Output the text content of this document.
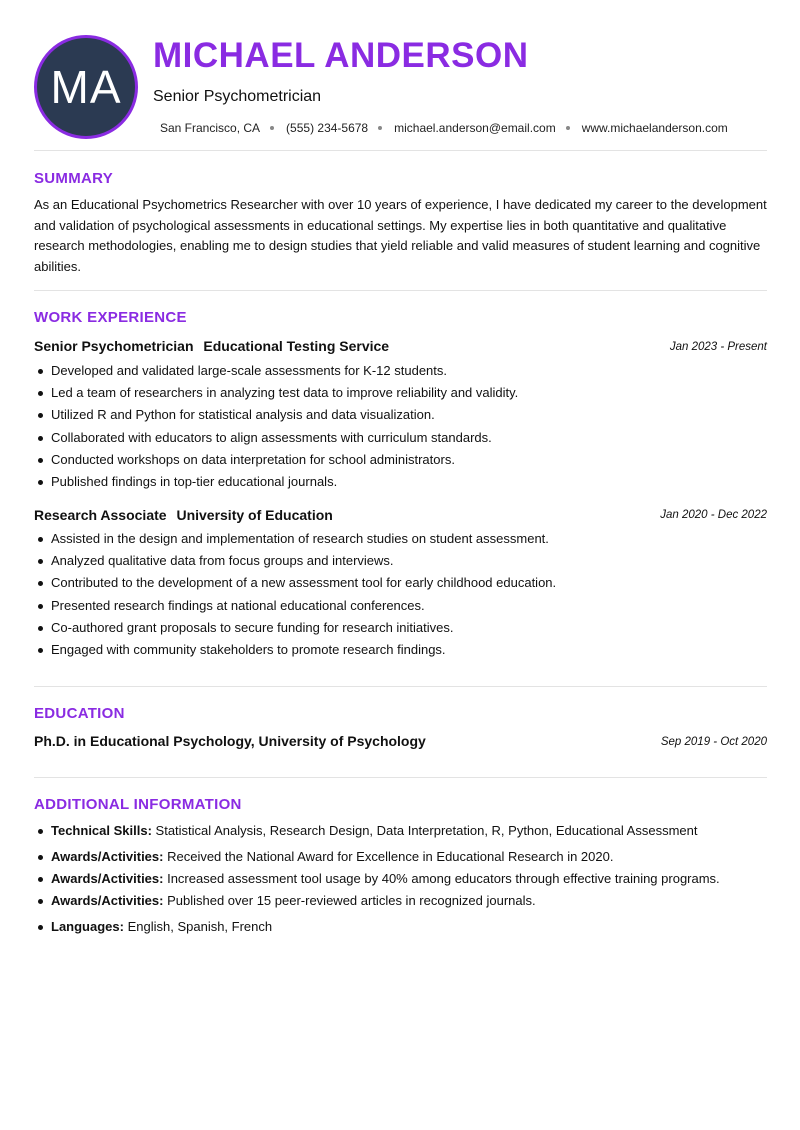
MA
MICHAEL ANDERSON
Senior Psychometrician
San Francisco, CA (555) 234-5678 michael.anderson@email.com www.michaelanderson.com
SUMMARY

As an Educational Psychometrics Researcher with over 10 years of experience, I have dedicated my career to the development and validation of psychological assessments in educational settings. My expertise lies in both quantitative and qualitative research methodologies, enabling me to design studies that yield reliable and valid measures of student learning and cognitive abilities.

WORK EXPERIENCE
Senior Psychometrician Educational Testing Service	Jan 2023 - Present
Developed and validated large-scale assessments for K-12 students.
Led a team of researchers in analyzing test data to improve reliability and validity.
Utilized R and Python for statistical analysis and data visualization.
Collaborated with educators to align assessments with curriculum standards.
Conducted workshops on data interpretation for school administrators.
Published findings in top-tier educational journals.
Research Associate University of Education	Jan 2020 - Dec 2022
Assisted in the design and implementation of research studies on student assessment.
Analyzed qualitative data from focus groups and interviews.
Contributed to the development of a new assessment tool for early childhood education.
Presented research findings at national educational conferences.
Co-authored grant proposals to secure funding for research initiatives.
Engaged with community stakeholders to promote research findings.
EDUCATION
Ph.D. in Educational Psychology, University of Psychology	Sep 2019 - Oct 2020
ADDITIONAL INFORMATION
Technical Skills: Statistical Analysis, Research Design, Data Interpretation, R, Python, Educational Assessment
Awards/Activities: Received the National Award for Excellence in Educational Research in 2020.
Awards/Activities: Increased assessment tool usage by 40% among educators through effective training programs.
Awards/Activities: Published over 15 peer-reviewed articles in recognized journals.
Languages: English, Spanish, French
